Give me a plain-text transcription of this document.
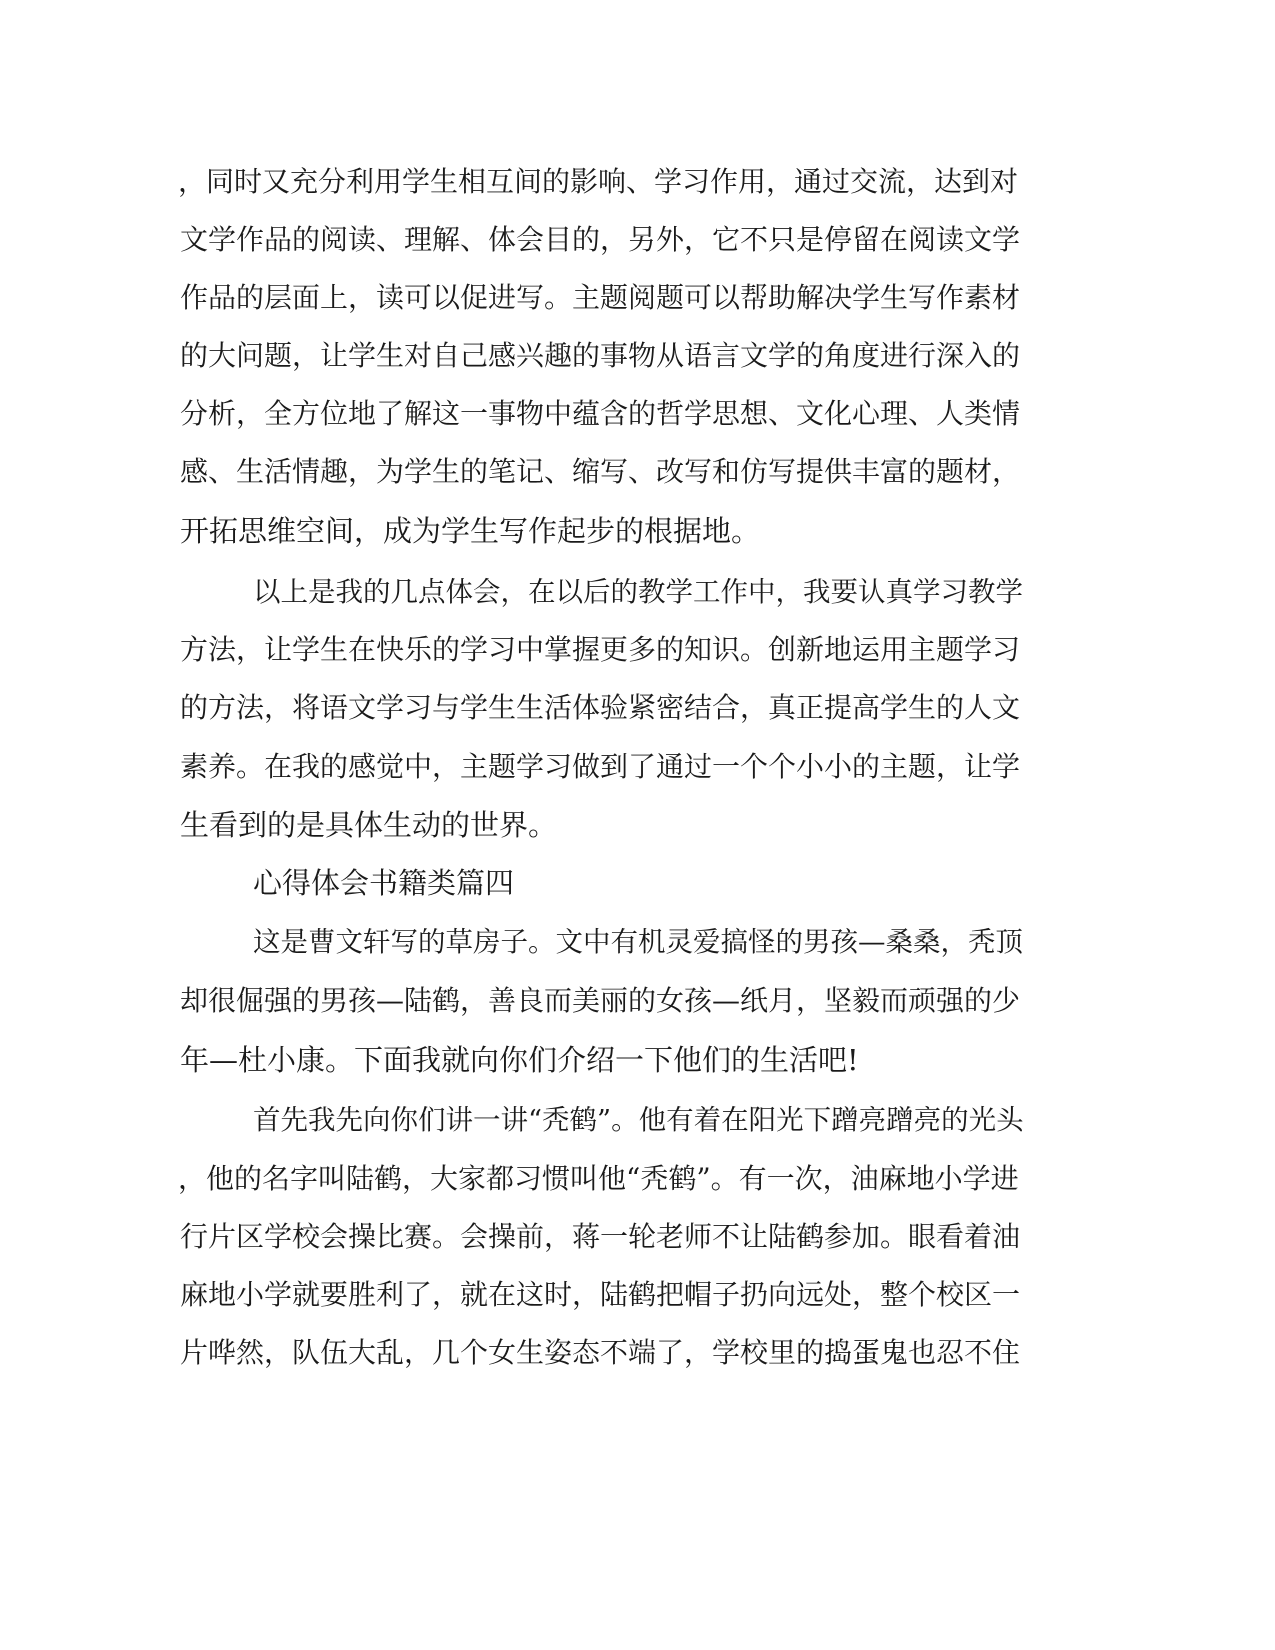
，同时又充分利用学生相互间的影响、学习作用，通过交流，达到对
文学作品的阅读、理解、体会目的，另外，它不只是停留在阅读文学
作品的层面上，读可以促进写。主题阅题可以帮助解决学生写作素材
的大问题，让学生对自己感兴趣的事物从语言文学的角度进行深入的
分析，全方位地了解这一事物中蕴含的哲学思想、文化心理、人类情
感、生活情趣，为学生的笔记、缩写、改写和仿写提供丰富的题材，
开拓思维空间，成为学生写作起步的根据地。
以上是我的几点体会，在以后的教学工作中，我要认真学习教学
方法，让学生在快乐的学习中掌握更多的知识。创新地运用主题学习
的方法，将语文学习与学生生活体验紧密结合，真正提高学生的人文
素养。在我的感觉中，主题学习做到了通过一个个小小的主题，让学
生看到的是具体生动的世界。
心得体会书籍类篇四
这是曹文轩写的草房子。文中有机灵爱搞怪的男孩—桑桑，秃顶
却很倔强的男孩—陆鹤，善良而美丽的女孩—纸月，坚毅而顽强的少
年—杜小康。下面我就向你们介绍一下他们的生活吧!
首先我先向你们讲一讲“秃鹤”。他有着在阳光下蹭亮蹭亮的光头
，他的名字叫陆鹤，大家都习惯叫他“秃鹤”。有一次，油麻地小学进
行片区学校会操比赛。会操前，蒋一轮老师不让陆鹤参加。眼看着油
麻地小学就要胜利了，就在这时，陆鹤把帽子扔向远处，整个校区一
片哗然，队伍大乱，几个女生姿态不端了，学校里的捣蛋鬼也忍不住
